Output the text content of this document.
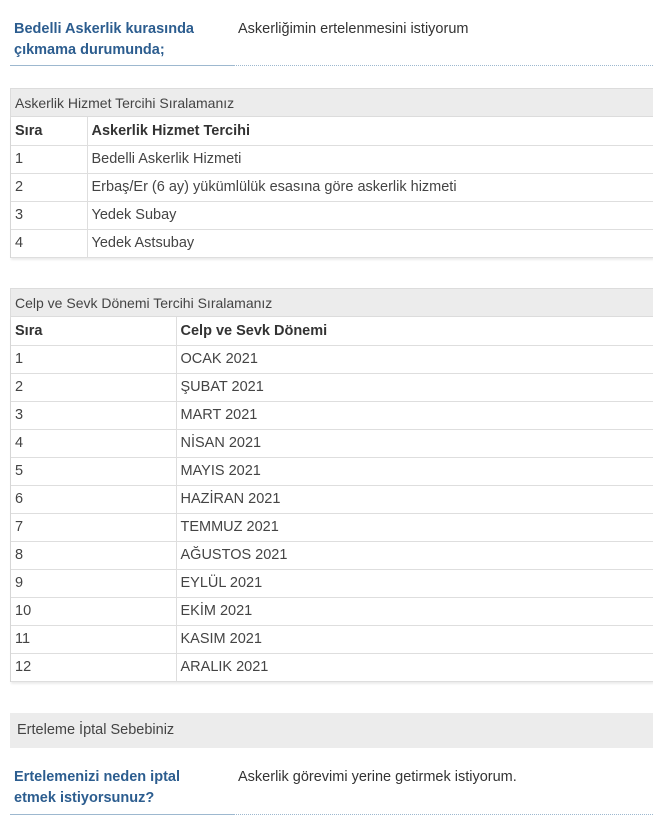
Bedelli Askerlik kurasında
çıkmama durumunda;
Askerliğimin ertelenmesini istiyorum
Askerlik Hizmet Tercihi Sıralamanız
Sıra	Askerlik Hizmet Tercihi
1	Bedelli Askerlik Hizmeti
2	Erbaş/Er (6 ay) yükümlülük esasına göre askerlik hizmeti
3	Yedek Subay
4	Yedek Astsubay
Celp ve Sevk Dönemi Tercihi Sıralamanız
Sıra	Celp ve Sevk Dönemi
1	OCAK 2021
2	ŞUBAT 2021
3	MART 2021
4	NİSAN 2021
5	MAYIS 2021
6	HAZİRAN 2021
7	TEMMUZ 2021
8	AĞUSTOS 2021
9	EYLÜL 2021
10	EKİM 2021
11	KASIM 2021
12	ARALIK 2021
Erteleme İptal Sebebiniz
Ertelemenizi neden iptal
etmek istiyorsunuz?
Askerlik görevimi yerine getirmek istiyorum.
